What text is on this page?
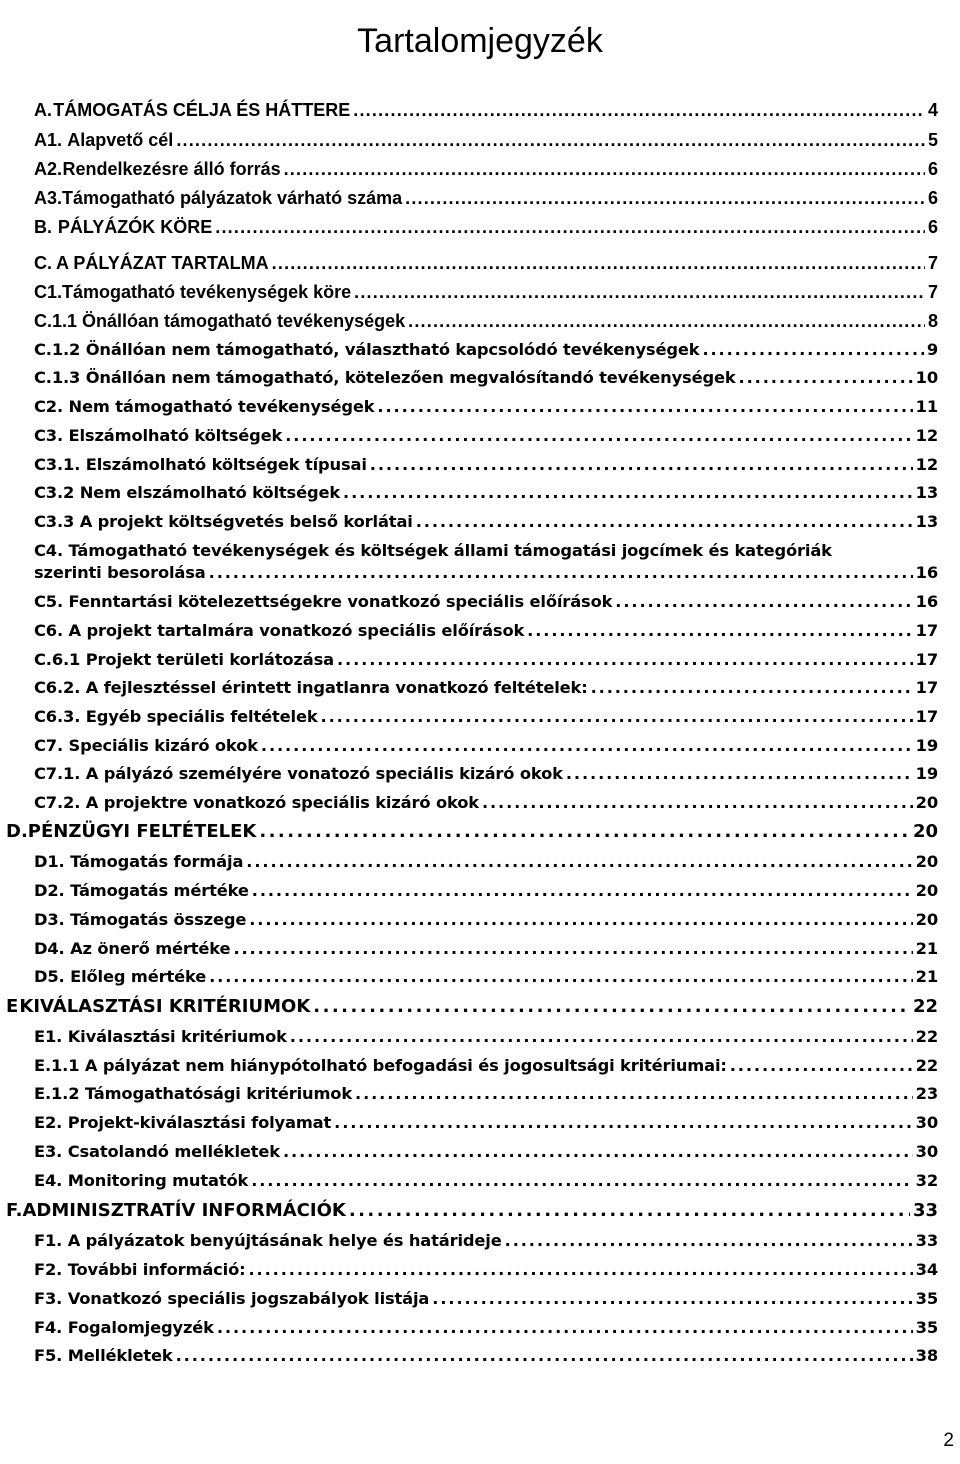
Tartalomjegyzék
A. TÁMOGATÁS CÉLJA ÉS HÁTTERE . . .	4
A1. Alapvető cél . . .	5
A2. Rendelkezésre álló forrás . . .	6
A3. Támogatható pályázatok várható száma . . .	6
B. PÁLYÁZÓK KÖRE . . .	6
C. A PÁLYÁZAT TARTALMA . . .	7
C1. Támogatható tevékenységek köre . . .	7
C.1.1 Önállóan támogatható tevékenységek . . .	8
C.1.2 Önállóan nem támogatható, választható kapcsolódó tevékenységek . . .	9
C.1.3 Önállóan nem támogatható, kötelezően megvalósítandó tevékenységek . . .	10
C2. Nem támogatható tevékenységek . . .	11
C3. Elszámolható költségek . . .	12
C3.1. Elszámolható költségek típusai . . .	12
C3.2 Nem elszámolható költségek . . .	13
C3.3 A projekt költségvetés belső korlátai . . .	13
C4. Támogatható tevékenységek és költségek állami támogatási jogcímek és kategóriák
szerinti besorolása . . .	16
C5. Fenntartási kötelezettségekre vonatkozó speciális előírások . . .	16
C6. A projekt tartalmára vonatkozó speciális előírások . . .	17
C.6.1 Projekt területi korlátozása . . .	17
C6.2. A fejlesztéssel érintett ingatlanra vonatkozó feltételek: . . .	17
C6.3. Egyéb speciális feltételek . . .	17
C7. Speciális kizáró okok . . .	19
C7.1. A pályázó személyére vonatozó speciális kizáró okok . . .	19
C7.2. A projektre vonatkozó speciális kizáró okok . . .	20
D. PÉNZÜGYI FELTÉTELEK . . .	20
D1. Támogatás formája . . .	20
D2. Támogatás mértéke . . .	20
D3. Támogatás összege . . .	20
D4. Az önerő mértéke . . .	21
D5. Előleg mértéke . . .	21
E KIVÁLASZTÁSI KRITÉRIUMOK . . .	22
E1. Kiválasztási kritériumok . . .	22
E.1.1 A pályázat nem hiánypótolható befogadási és jogosultsági kritériumai: . . .	22
E.1.2 Támogathatósági kritériumok . . .	23
E2. Projekt-kiválasztási folyamat . . .	30
E3. Csatolandó mellékletek . . .	30
E4. Monitoring mutatók . . .	32
F. ADMINISZTRATÍV INFORMÁCIÓK . . .	33
F1. A pályázatok benyújtásának helye és határideje . . .	33
F2. További információ: . . .	34
F3. Vonatkozó speciális jogszabályok listája . . .	35
F4. Fogalomjegyzék . . .	35
F5. Mellékletek . . .	38
2
